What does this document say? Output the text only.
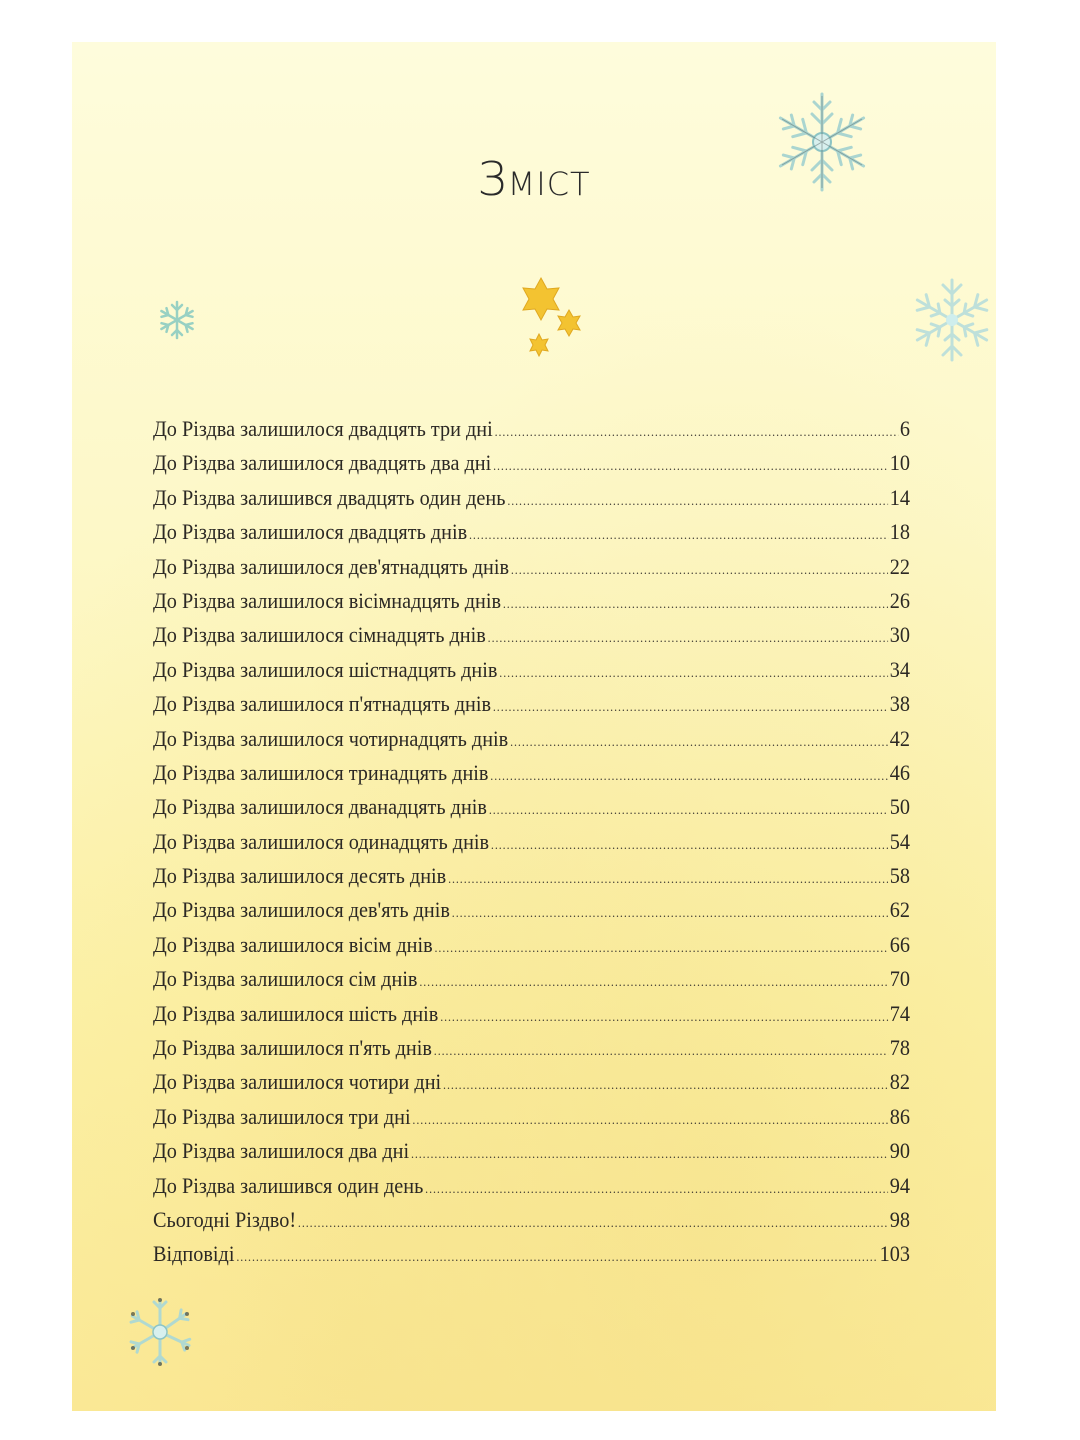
Зміст
До Різдва залишилося двадцять три дні .....	6
До Різдва залишилося двадцять два дні .....	10
До Різдва залишився двадцять один день .....	14
До Різдва залишилося двадцять днів .....	18
До Різдва залишилося дев'ятнадцять днів .....	22
До Різдва залишилося вісімнадцять днів .....	26
До Різдва залишилося сімнадцять днів .....	30
До Різдва залишилося шістнадцять днів .....	34
До Різдва залишилося п'ятнадцять днів .....	38
До Різдва залишилося чотирнадцять днів .....	42
До Різдва залишилося тринадцять днів .....	46
До Різдва залишилося дванадцять днів .....	50
До Різдва залишилося одинадцять днів .....	54
До Різдва залишилося десять днів .....	58
До Різдва залишилося дев'ять днів .....	62
До Різдва залишилося вісім днів .....	66
До Різдва залишилося сім днів .....	70
До Різдва залишилося шість днів .....	74
До Різдва залишилося п'ять днів .....	78
До Різдва залишилося чотири дні .....	82
До Різдва залишилося три дні .....	86
До Різдва залишилося два дні .....	90
До Різдва залишився один день .....	94
Сьогодні Різдво! .....	98
Відповіді .....	103
